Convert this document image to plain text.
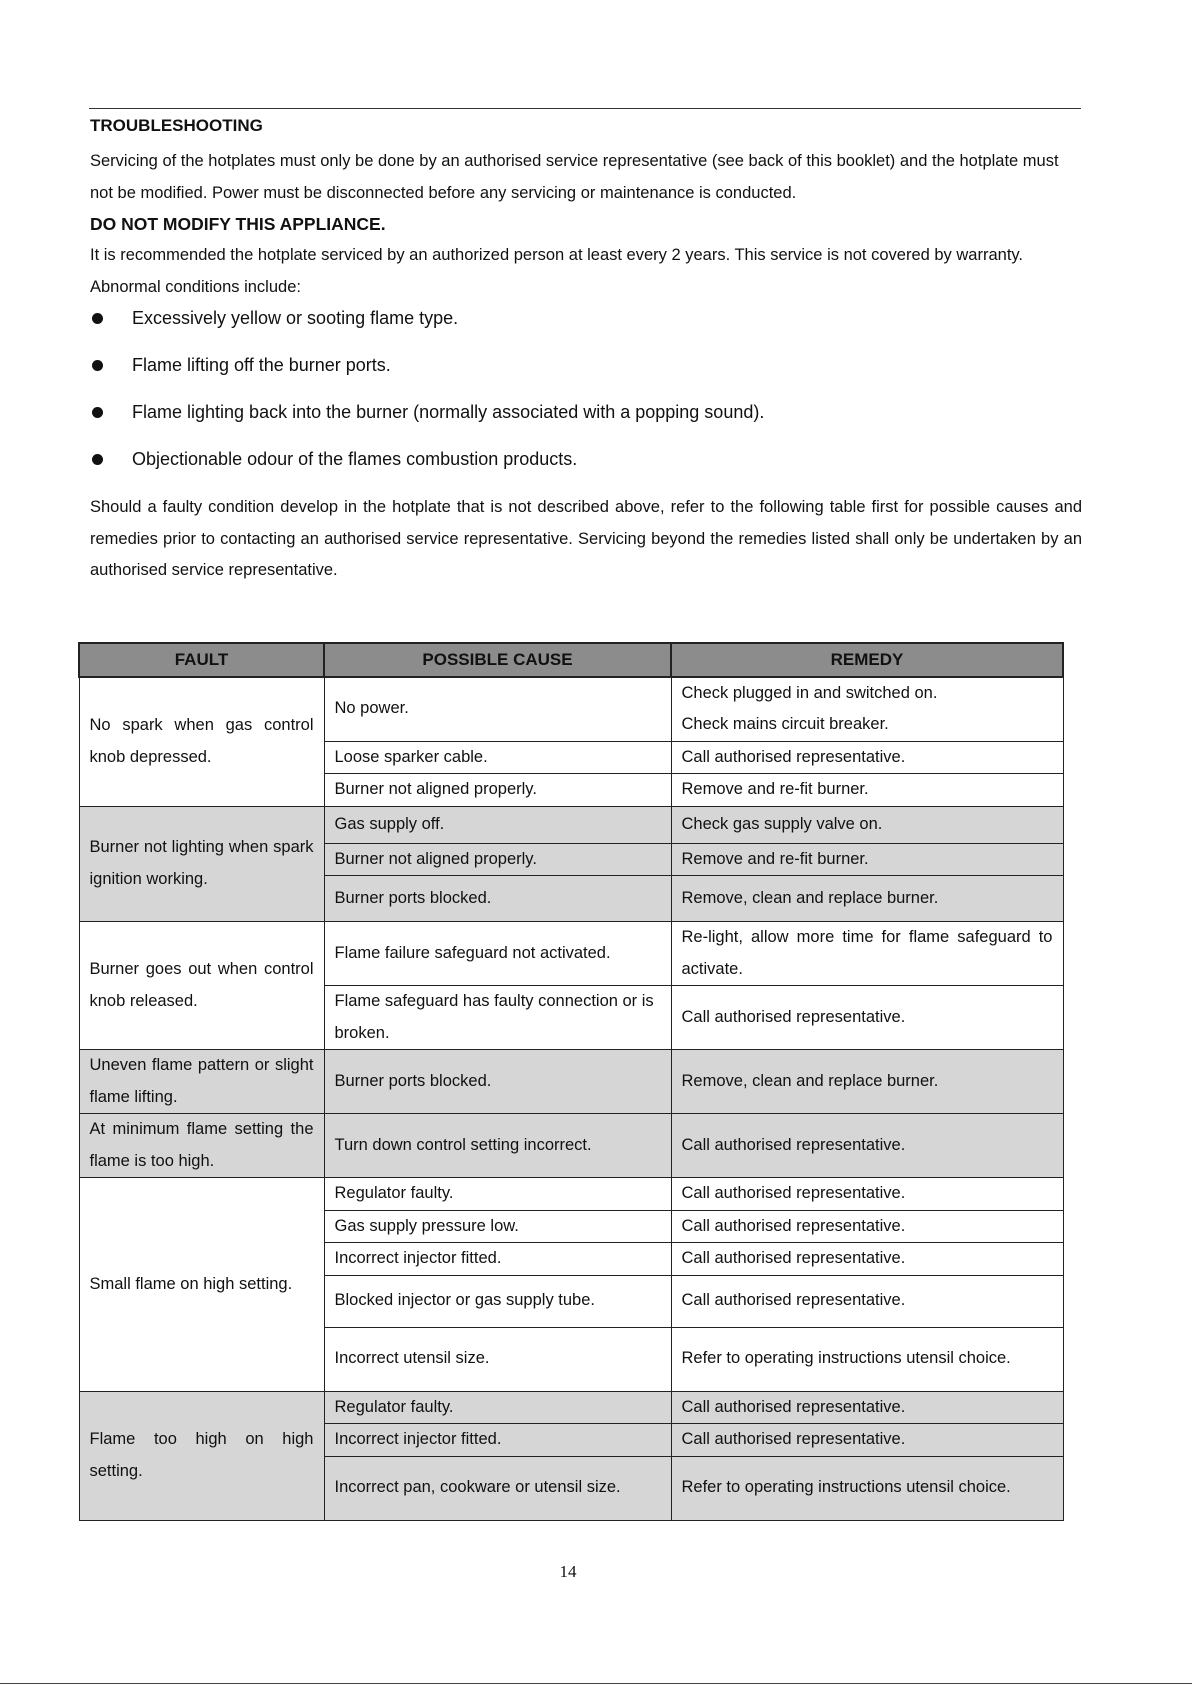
TROUBLESHOOTING

Servicing of the hotplates must only be done by an authorised service representative (see back of this booklet) and the hotplate must not be modified. Power must be disconnected before any servicing or maintenance is conducted.

DO NOT MODIFY THIS APPLIANCE.

It is recommended the hotplate serviced by an authorized person at least every 2 years. This service is not covered by warranty.

Abnormal conditions include:

Excessively yellow or sooting flame type.
Flame lifting off the burner ports.
Flame lighting back into the burner (normally associated with a popping sound).
Objectionable odour of the flames combustion products.

Should a faulty condition develop in the hotplate that is not described above, refer to the following table first for possible causes and remedies prior to contacting an authorised service representative. Servicing beyond the remedies listed shall only be undertaken by an authorised service representative.

FAULT	POSSIBLE CAUSE	REMEDY
No spark when gas control knob depressed.	No power.	Check plugged in and switched on.
Check mains circuit breaker.
	Loose sparker cable.	Call authorised representative.
	Burner not aligned properly.	Remove and re-fit burner.
Burner not lighting when spark ignition working.	Gas supply off.	Check gas supply valve on.
	Burner not aligned properly.	Remove and re-fit burner.
	Burner ports blocked.	Remove, clean and replace burner.
Burner goes out when control knob released.	Flame failure safeguard not activated.	Re-light, allow more time for flame safeguard to activate.
	Flame safeguard has faulty connection or is broken.	Call authorised representative.
Uneven flame pattern or slight flame lifting.	Burner ports blocked.	Remove, clean and replace burner.
At minimum flame setting the flame is too high.	Turn down control setting incorrect.	Call authorised representative.
Small flame on high setting.	Regulator faulty.	Call authorised representative.
	Gas supply pressure low.	Call authorised representative.
	Incorrect injector fitted.	Call authorised representative.
	Blocked injector or gas supply tube.	Call authorised representative.
	Incorrect utensil size.	Refer to operating instructions utensil choice.
Flame too high on high setting.	Regulator faulty.	Call authorised representative.
	Incorrect injector fitted.	Call authorised representative.
	Incorrect pan, cookware or utensil size.	Refer to operating instructions utensil choice.
14
